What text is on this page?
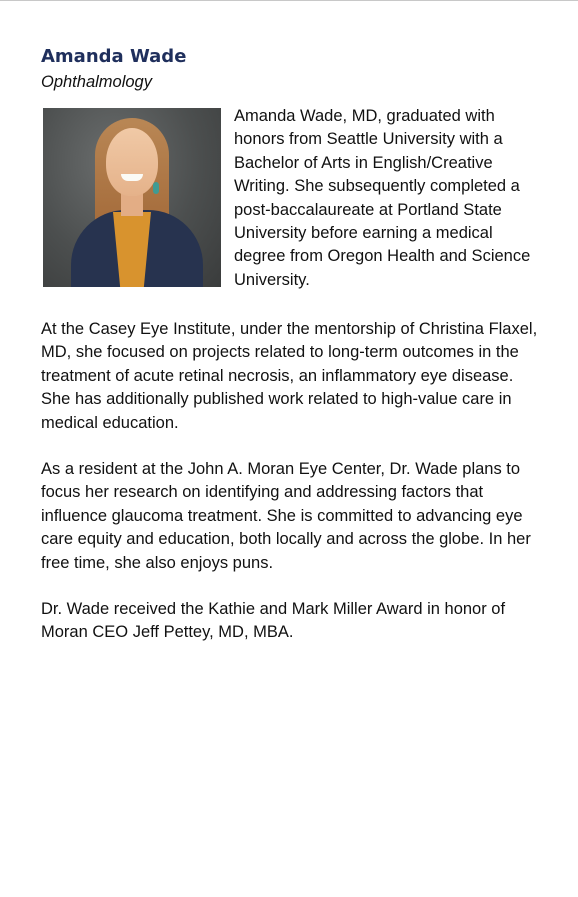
Amanda Wade
Ophthalmology

Amanda Wade, MD, graduated with honors from Seattle University with a Bachelor of Arts in English/Creative Writing. She subsequently completed a post-baccalaureate at Portland State University before earning a medical degree from Oregon Health and Science University.

At the Casey Eye Institute, under the mentorship of Christina Flaxel, MD, she focused on projects related to long-term outcomes in the treatment of acute retinal necrosis, an inflammatory eye disease. She has additionally published work related to high-value care in medical education.

As a resident at the John A. Moran Eye Center, Dr. Wade plans to focus her research on identifying and addressing factors that influence glaucoma treatment. She is committed to advancing eye care equity and education, both locally and across the globe. In her free time, she also enjoys puns.

Dr. Wade received the Kathie and Mark Miller Award in honor of Moran CEO Jeff Pettey, MD, MBA.
